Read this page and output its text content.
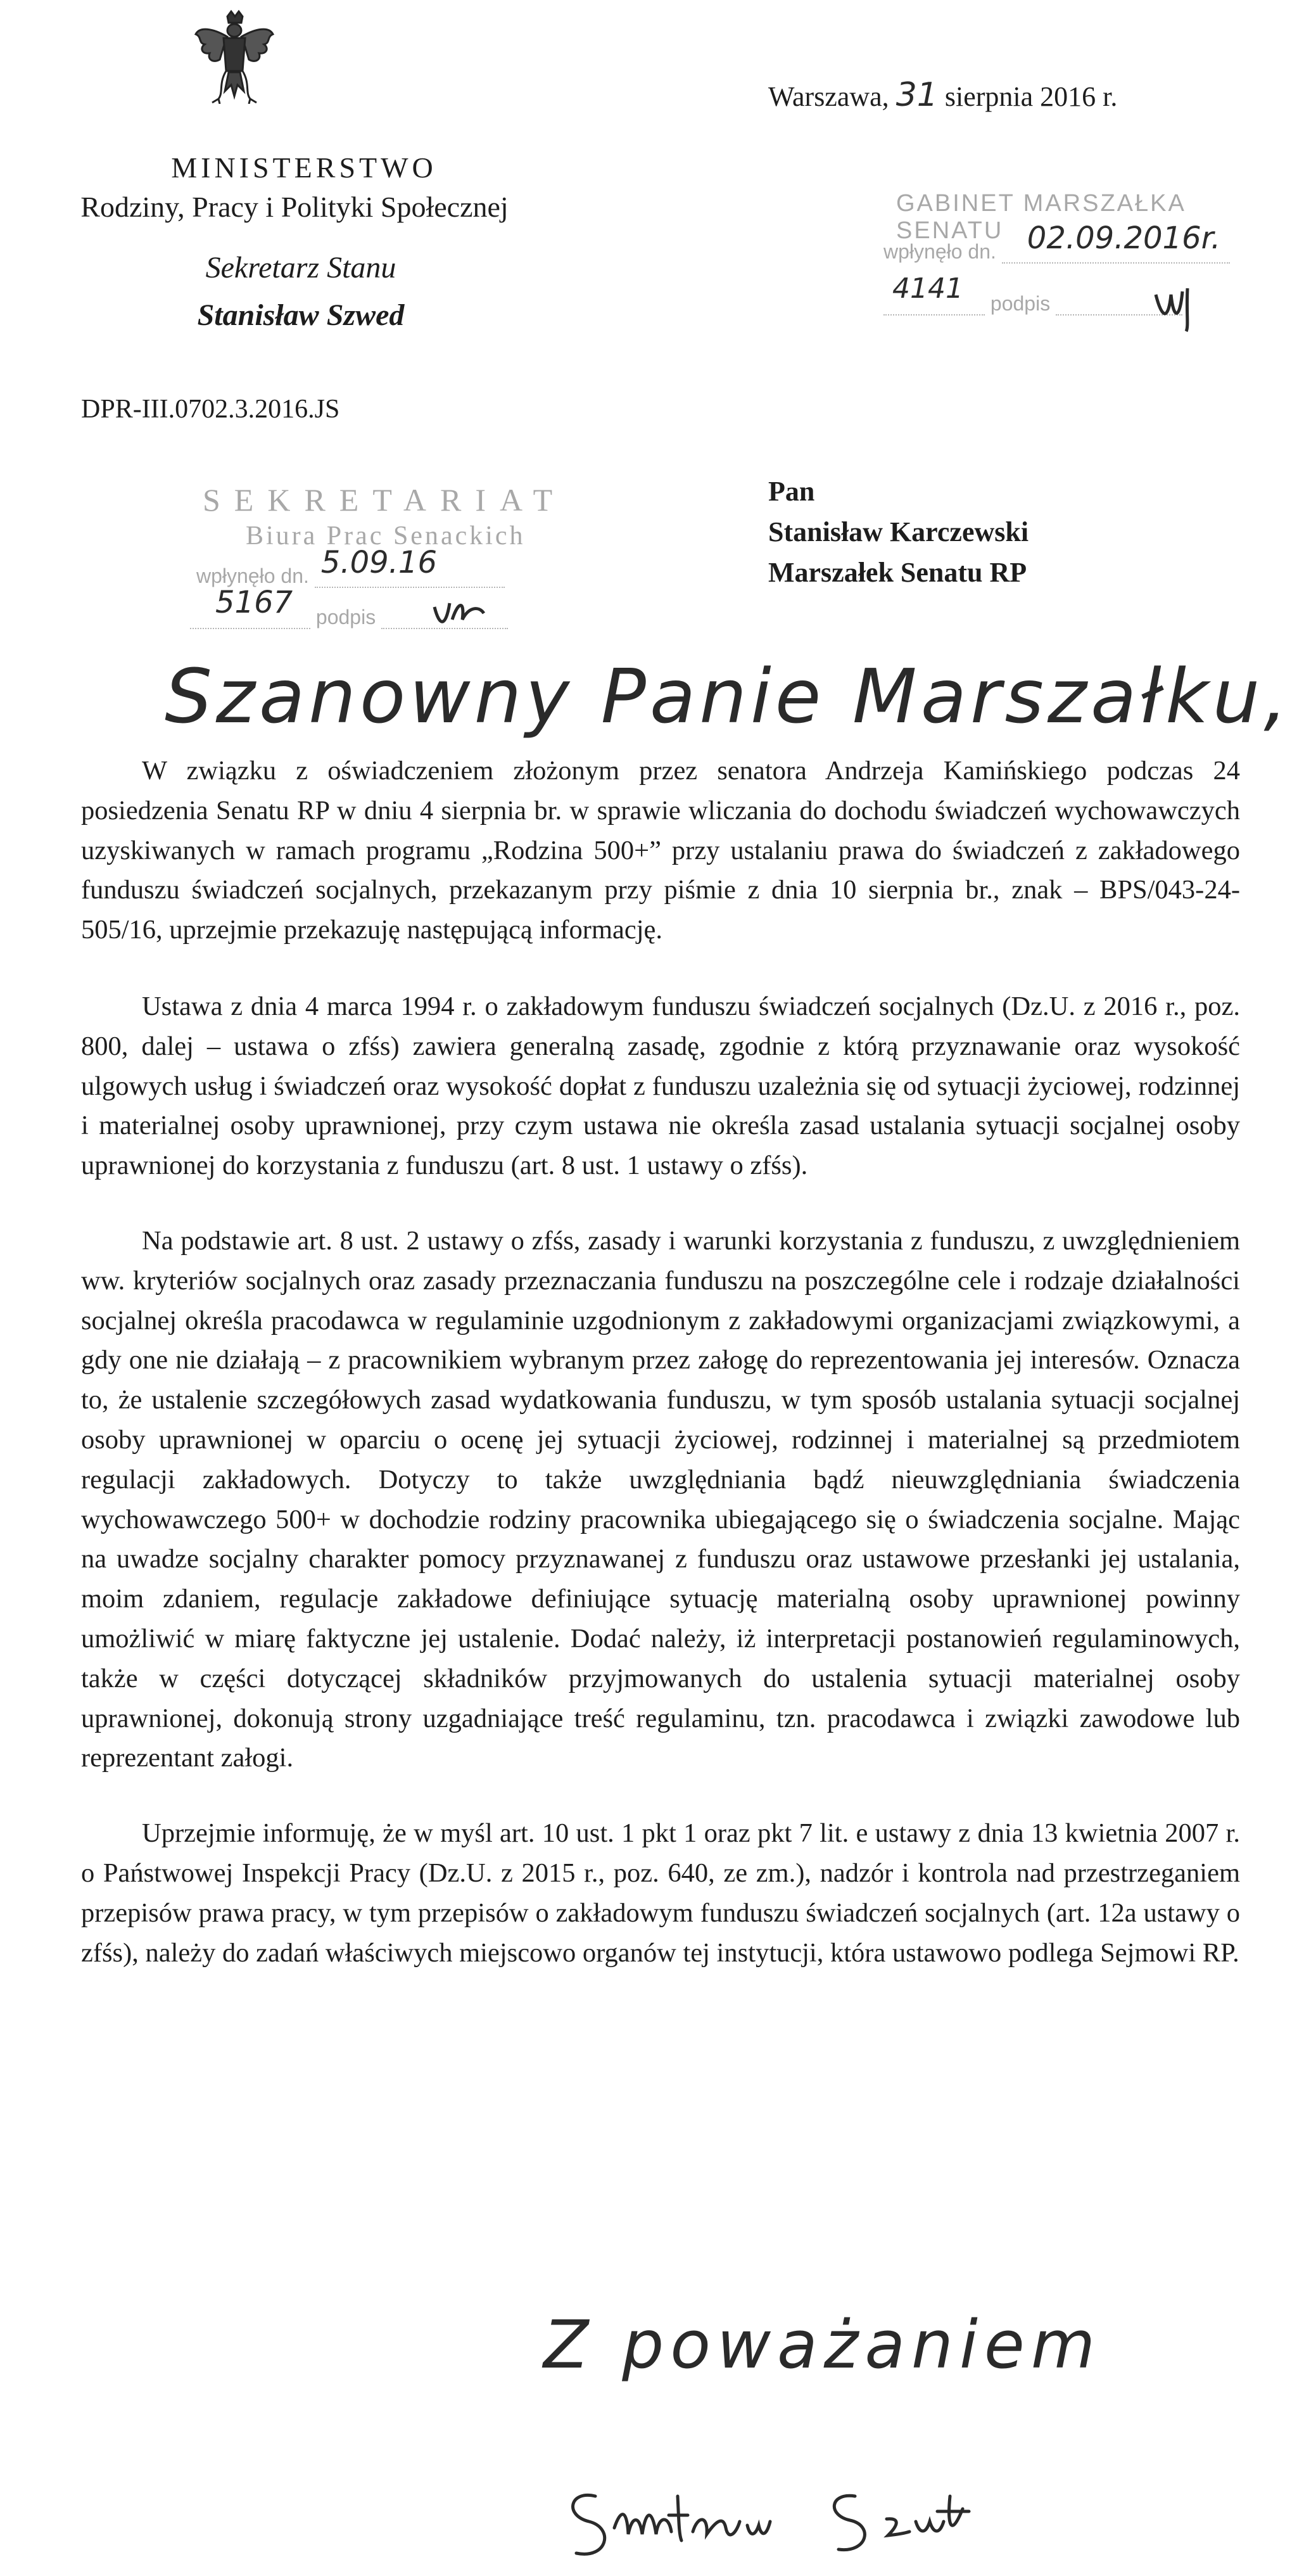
MINISTERSTWO
Rodziny, Pracy i Polityki Społecznej
Sekretarz Stanu
Stanisław Szwed
DPR-III.0702.3.2016.JS
Warszawa, 31 sierpnia 2016 r.
GABINET MARSZAŁKA SENATU
wpłynęło dn. 02.09.2016r.
4141 podpis
SEKRETARIAT
Biura Prac Senackich
wpłynęło dn. 5.09.16
5167 podpis
Pan
Stanisław Karczewski
Marszałek Senatu RP
Szanowny Panie Marszałku,

W związku z oświadczeniem złożonym przez senatora Andrzeja Kamińskiego podczas 24 posiedzenia Senatu RP w dniu 4 sierpnia br. w sprawie wliczania do dochodu świadczeń wychowawczych uzyskiwanych w ramach programu „Rodzina 500+” przy ustalaniu prawa do świadczeń z zakładowego funduszu świadczeń socjalnych, przekazanym przy piśmie z dnia 10 sierpnia br., znak – BPS/043-24-505/16, uprzejmie przekazuję następującą informację.

Ustawa z dnia 4 marca 1994 r. o zakładowym funduszu świadczeń socjalnych (Dz.U. z 2016 r., poz. 800, dalej – ustawa o zfśs) zawiera generalną zasadę, zgodnie z którą przyznawanie oraz wysokość ulgowych usług i świadczeń oraz wysokość dopłat z funduszu uzależnia się od sytuacji życiowej, rodzinnej i materialnej osoby uprawnionej, przy czym ustawa nie określa zasad ustalania sytuacji socjalnej osoby uprawnionej do korzystania z funduszu (art. 8 ust. 1 ustawy o zfśs).

Na podstawie art. 8 ust. 2 ustawy o zfśs, zasady i warunki korzystania z funduszu, z uwzględnieniem ww. kryteriów socjalnych oraz zasady przeznaczania funduszu na poszczególne cele i rodzaje działalności socjalnej określa pracodawca w regulaminie uzgodnionym z zakładowymi organizacjami związkowymi, a gdy one nie działają – z pracownikiem wybranym przez załogę do reprezentowania jej interesów. Oznacza to, że ustalenie szczegółowych zasad wydatkowania funduszu, w tym sposób ustalania sytuacji socjalnej osoby uprawnionej w oparciu o ocenę jej sytuacji życiowej, rodzinnej i materialnej są przedmiotem regulacji zakładowych. Dotyczy to także uwzględniania bądź nieuwzględniania świadczenia wychowawczego 500+ w dochodzie rodziny pracownika ubiegającego się o świadczenia socjalne. Mając na uwadze socjalny charakter pomocy przyznawanej z funduszu oraz ustawowe przesłanki jej ustalania, moim zdaniem, regulacje zakładowe definiujące sytuację materialną osoby uprawnionej powinny umożliwić w miarę faktyczne jej ustalenie. Dodać należy, iż interpretacji postanowień regulaminowych, także w części dotyczącej składników przyjmowanych do ustalenia sytuacji materialnej osoby uprawnionej, dokonują strony uzgadniające treść regulaminu, tzn. pracodawca i związki zawodowe lub reprezentant załogi.

Uprzejmie informuję, że w myśl art. 10 ust. 1 pkt 1 oraz pkt 7 lit. e ustawy z dnia 13 kwietnia 2007 r. o Państwowej Inspekcji Pracy (Dz.U. z 2015 r., poz. 640, ze zm.), nadzór i kontrola nad przestrzeganiem przepisów prawa pracy, w tym przepisów o zakładowym funduszu świadczeń socjalnych (art. 12a ustawy o zfśs), należy do zadań właściwych miejscowo organów tej instytucji, która ustawowo podlega Sejmowi RP.

Z poważaniem
